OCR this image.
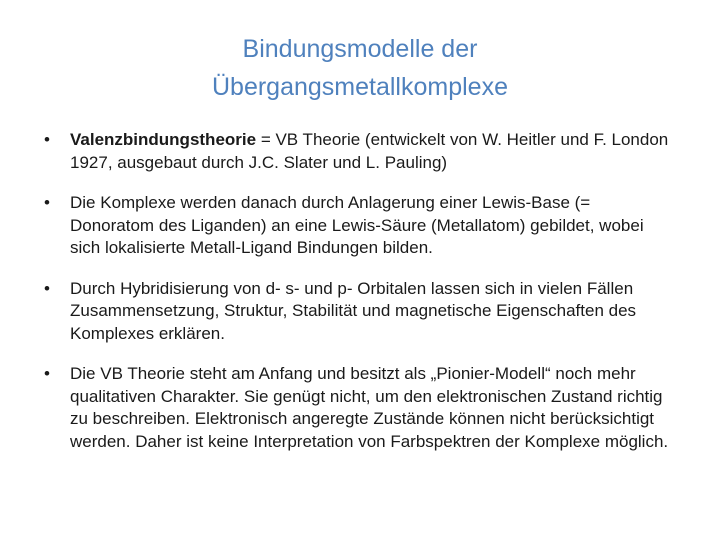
Bindungsmodelle der
Übergangsmetallkomplexe
•	Valenzbindungstheorie = VB Theorie (entwickelt von W. Heitler und F. London 1927, ausgebaut durch J.C. Slater und L. Pauling)
•	Die Komplexe werden danach durch Anlagerung einer Lewis-Base (= Donoratom des Liganden) an eine Lewis-Säure (Metallatom) gebildet, wobei sich lokalisierte Metall-Ligand Bindungen bilden.
•	Durch Hybridisierung von d- s- und p- Orbitalen lassen sich in vielen Fällen Zusammensetzung, Struktur, Stabilität und magnetische Eigenschaften des Komplexes erklären.
•	Die VB Theorie steht am Anfang und besitzt als „Pionier-Modell“ noch mehr qualitativen Charakter. Sie genügt nicht, um den elektronischen Zustand richtig zu beschreiben. Elektronisch angeregte Zustände können nicht berücksichtigt werden. Daher ist keine Interpretation von Farbspektren der Komplexe möglich.
